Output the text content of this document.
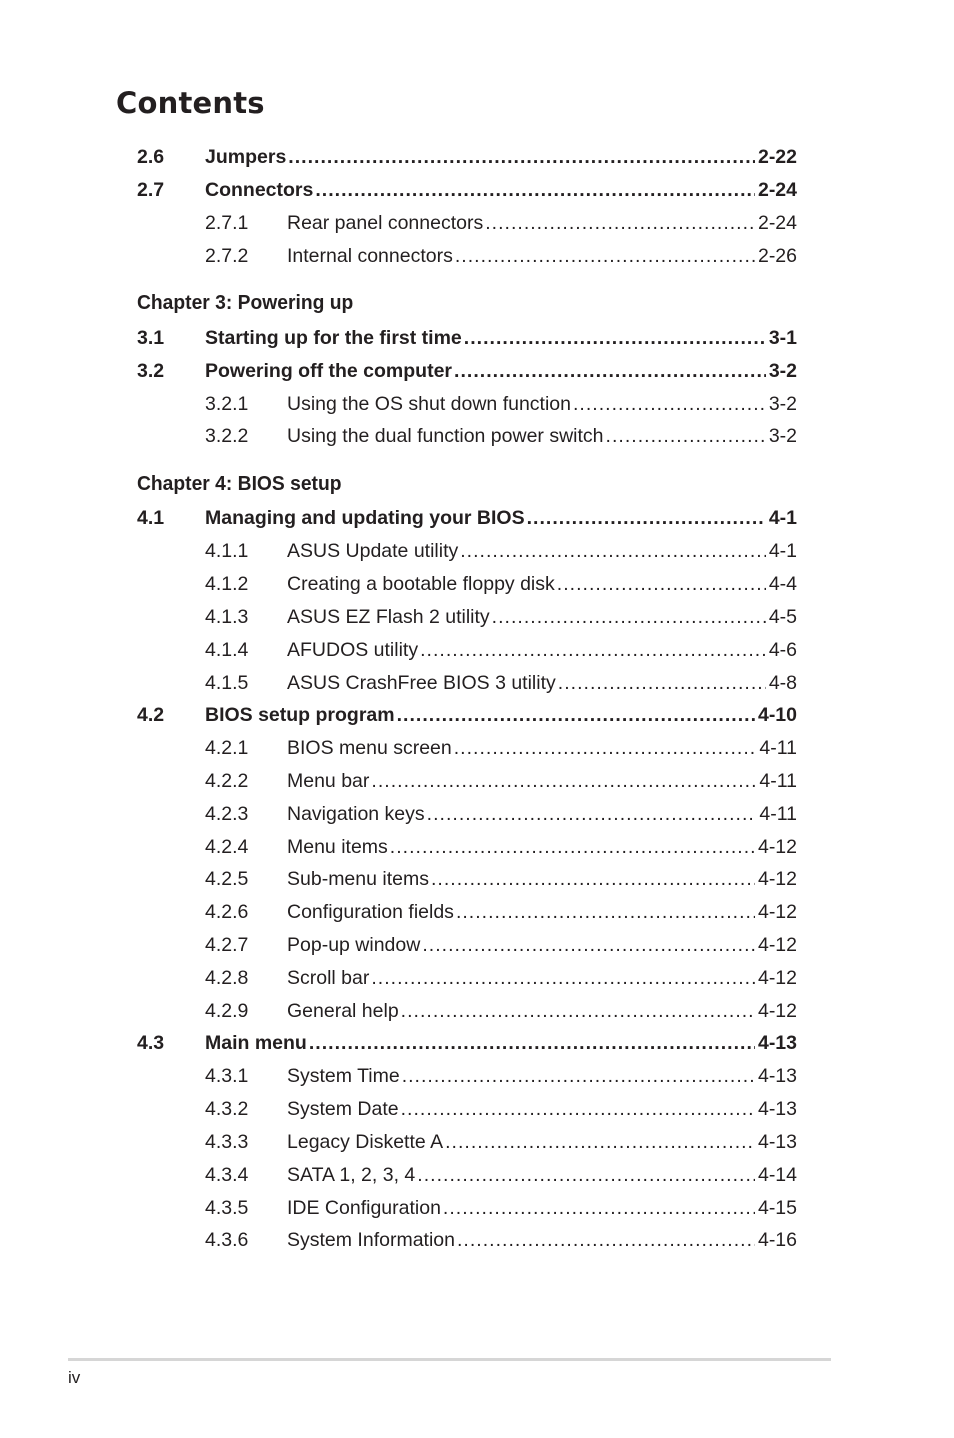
Contents
2.6 Jumpers . . .	2-22
2.7 Connectors . . .	2-24
2.7.1 Rear panel connectors . . .	2-24
2.7.2 Internal connectors . . .	2-26
Chapter 3: Powering up
3.1 Starting up for the first time . . .	3-1
3.2 Powering off the computer . . .	3-2
3.2.1 Using the OS shut down function . . .	3-2
3.2.2 Using the dual function power switch . . .	3-2
Chapter 4: BIOS setup
4.1 Managing and updating your BIOS . . .	4-1
4.1.1 ASUS Update utility . . .	4-1
4.1.2 Creating a bootable floppy disk . . .	4-4
4.1.3 ASUS EZ Flash 2 utility . . .	4-5
4.1.4 AFUDOS utility . . .	4-6
4.1.5 ASUS CrashFree BIOS 3 utility . . .	4-8
4.2 BIOS setup program . . .	4-10
4.2.1 BIOS menu screen . . .	4-11
4.2.2 Menu bar . . .	4-11
4.2.3 Navigation keys . . .	4-11
4.2.4 Menu items . . .	4-12
4.2.5 Sub-menu items . . .	4-12
4.2.6 Configuration fields . . .	4-12
4.2.7 Pop-up window . . .	4-12
4.2.8 Scroll bar . . .	4-12
4.2.9 General help . . .	4-12
4.3 Main menu . . .	4-13
4.3.1 System Time . . .	4-13
4.3.2 System Date . . .	4-13
4.3.3 Legacy Diskette A . . .	4-13
4.3.4 SATA 1, 2, 3, 4 . . .	4-14
4.3.5 IDE Configuration . . .	4-15
4.3.6 System Information . . .	4-16
iv
